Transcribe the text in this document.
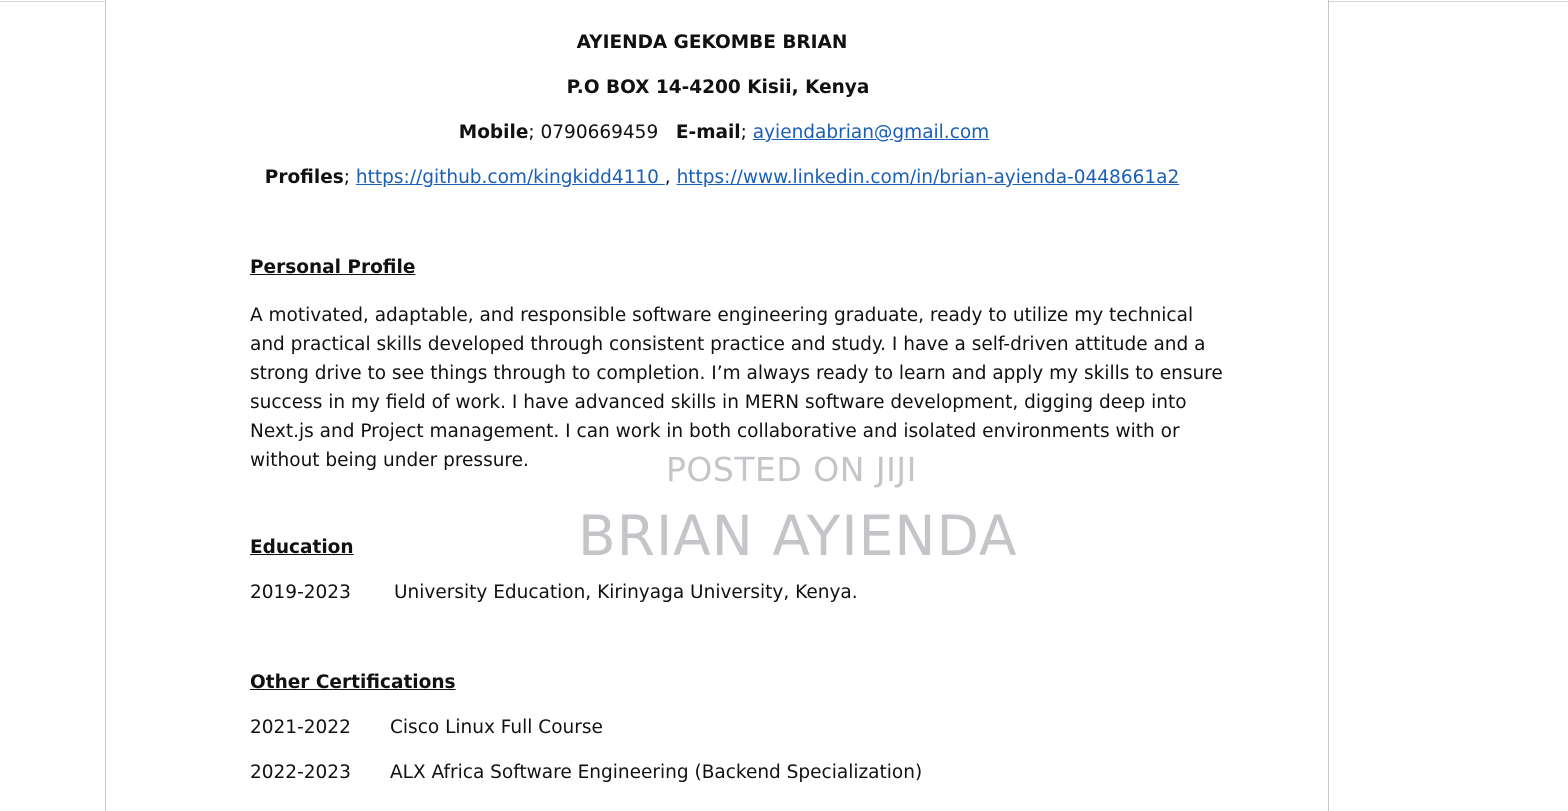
AYIENDA GEKOMBE BRIAN
P.O BOX 14-4200 Kisii, Kenya
Mobile; 0790669459 E-mail; ayiendabrian@gmail.com
Profiles; https://github.com/kingkidd4110 , https://www.linkedin.com/in/brian-ayienda-0448661a2
Personal Profile
A motivated, adaptable, and responsible software engineering graduate, ready to utilize my technical
and practical skills developed through consistent practice and study. I have a self-driven attitude and a
strong drive to see things through to completion. I’m always ready to learn and apply my skills to ensure
success in my field of work. I have advanced skills in MERN software development, digging deep into
Next.js and Project management. I can work in both collaborative and isolated environments with or
without being under pressure.
Education
2019-2023 University Education, Kirinyaga University, Kenya.
Other Certifications
2021-2022 Cisco Linux Full Course
2022-2023 ALX Africa Software Engineering (Backend Specialization)
POSTED ON JIJI
BRIAN AYIENDA
